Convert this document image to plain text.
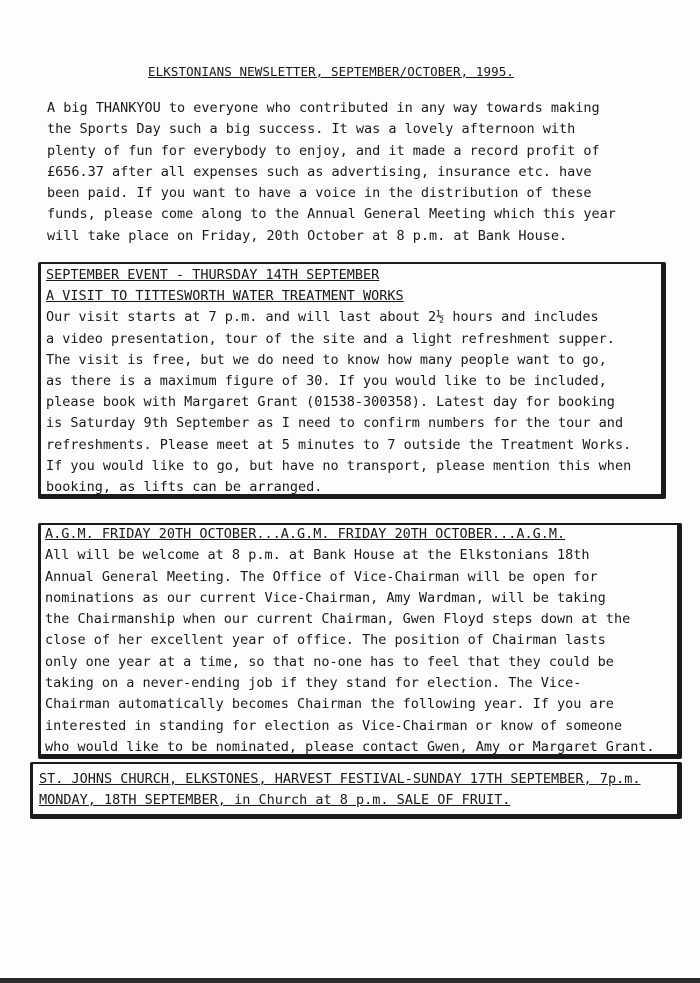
ELKSTONIANS NEWSLETTER, SEPTEMBER/OCTOBER, 1995.
A big THANKYOU to everyone who contributed in any way towards making
the Sports Day such a big success. It was a lovely afternoon with
plenty of fun for everybody to enjoy, and it made a record profit of
£656.37 after all expenses such as advertising, insurance etc. have
been paid. If you want to have a voice in the distribution of these
funds, please come along to the Annual General Meeting which this year
will take place on Friday, 20th October at 8 p.m. at Bank House.
SEPTEMBER EVENT - THURSDAY 14TH SEPTEMBER
A VISIT TO TITTESWORTH WATER TREATMENT WORKS
Our visit starts at 7 p.m. and will last about 2½ hours and includes
a video presentation, tour of the site and a light refreshment supper.
The visit is free, but we do need to know how many people want to go,
as there is a maximum figure of 30. If you would like to be included,
please book with Margaret Grant (01538-300358). Latest day for booking
is Saturday 9th September as I need to confirm numbers for the tour and
refreshments. Please meet at 5 minutes to 7 outside the Treatment Works.
If you would like to go, but have no transport, please mention this when
booking, as lifts can be arranged.
A.G.M. FRIDAY 20TH OCTOBER...A.G.M. FRIDAY 20TH OCTOBER...A.G.M.
All will be welcome at 8 p.m. at Bank House at the Elkstonians 18th
Annual General Meeting. The Office of Vice-Chairman will be open for
nominations as our current Vice-Chairman, Amy Wardman, will be taking
the Chairmanship when our current Chairman, Gwen Floyd steps down at the
close of her excellent year of office. The position of Chairman lasts
only one year at a time, so that no-one has to feel that they could be
taking on a never-ending job if they stand for election. The Vice-
Chairman automatically becomes Chairman the following year. If you are
interested in standing for election as Vice-Chairman or know of someone
who would like to be nominated, please contact Gwen, Amy or Margaret Grant.
ST. JOHNS CHURCH, ELKSTONES, HARVEST FESTIVAL-SUNDAY 17TH SEPTEMBER, 7p.m.
MONDAY, 18TH SEPTEMBER, in Church at 8 p.m. SALE OF FRUIT.
